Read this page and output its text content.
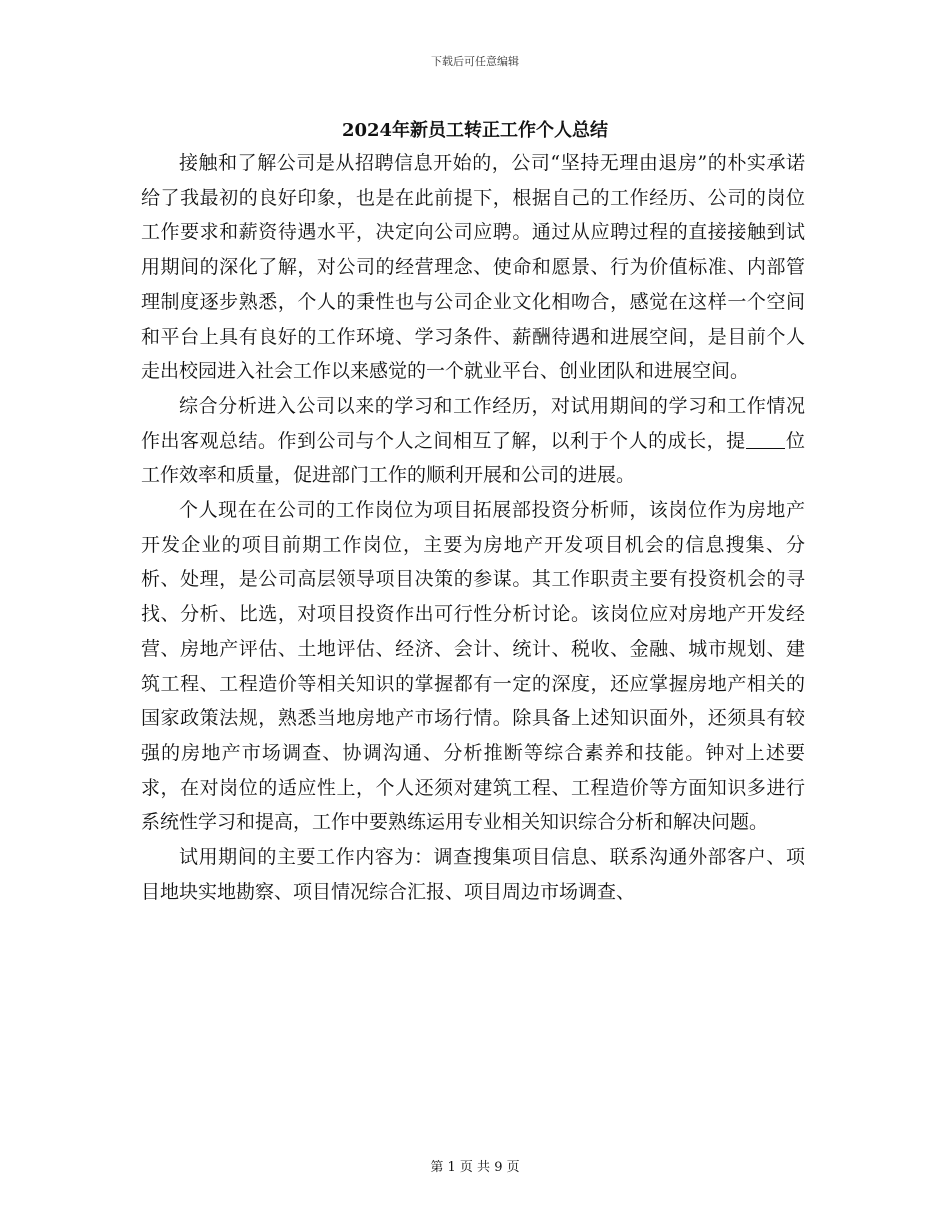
下载后可任意编辑
2024年新员工转正工作个人总结

接触和了解公司是从招聘信息开始的，公司“坚持无理由退房”的朴实承诺给了我最初的良好印象，也是在此前提下，根据自己的工作经历、公司的岗位工作要求和薪资待遇水平，决定向公司应聘。通过从应聘过程的直接接触到试用期间的深化了解，对公司的经营理念、使命和愿景、行为价值标准、内部管理制度逐步熟悉，个人的秉性也与公司企业文化相吻合，感觉在这样一个空间和平台上具有良好的工作环境、学习条件、薪酬待遇和进展空间，是目前个人走出校园进入社会工作以来感觉的一个就业平台、创业团队和进展空间。

综合分析进入公司以来的学习和工作经历，对试用期间的学习和工作情况作出客观总结。作到公司与个人之间相互了解，以利于个人的成长，提 位工作效率和质量，促进部门工作的顺利开展和公司的进展。

个人现在在公司的工作岗位为项目拓展部投资分析师，该岗位作为房地产开发企业的项目前期工作岗位，主要为房地产开发项目机会的信息搜集、分析、处理，是公司高层领导项目决策的参谋。其工作职责主要有投资机会的寻找、分析、比选，对项目投资作出可行性分析讨论。该岗位应对房地产开发经营、房地产评估、土地评估、经济、会计、统计、税收、金融、城市规划、建筑工程、工程造价等相关知识的掌握都有一定的深度，还应掌握房地产相关的国家政策法规，熟悉当地房地产市场行情。除具备上述知识面外，还须具有较强的房地产市场调查、协调沟通、分析推断等综合素养和技能。钟对上述要求，在对岗位的适应性上，个人还须对建筑工程、工程造价等方面知识多进行系统性学习和提高，工作中要熟练运用专业相关知识综合分析和解决问题。

试用期间的主要工作内容为：调查搜集项目信息、联系沟通外部客户、项目地块实地勘察、项目情况综合汇报、项目周边市场调查、

第 1 页 共 9 页
